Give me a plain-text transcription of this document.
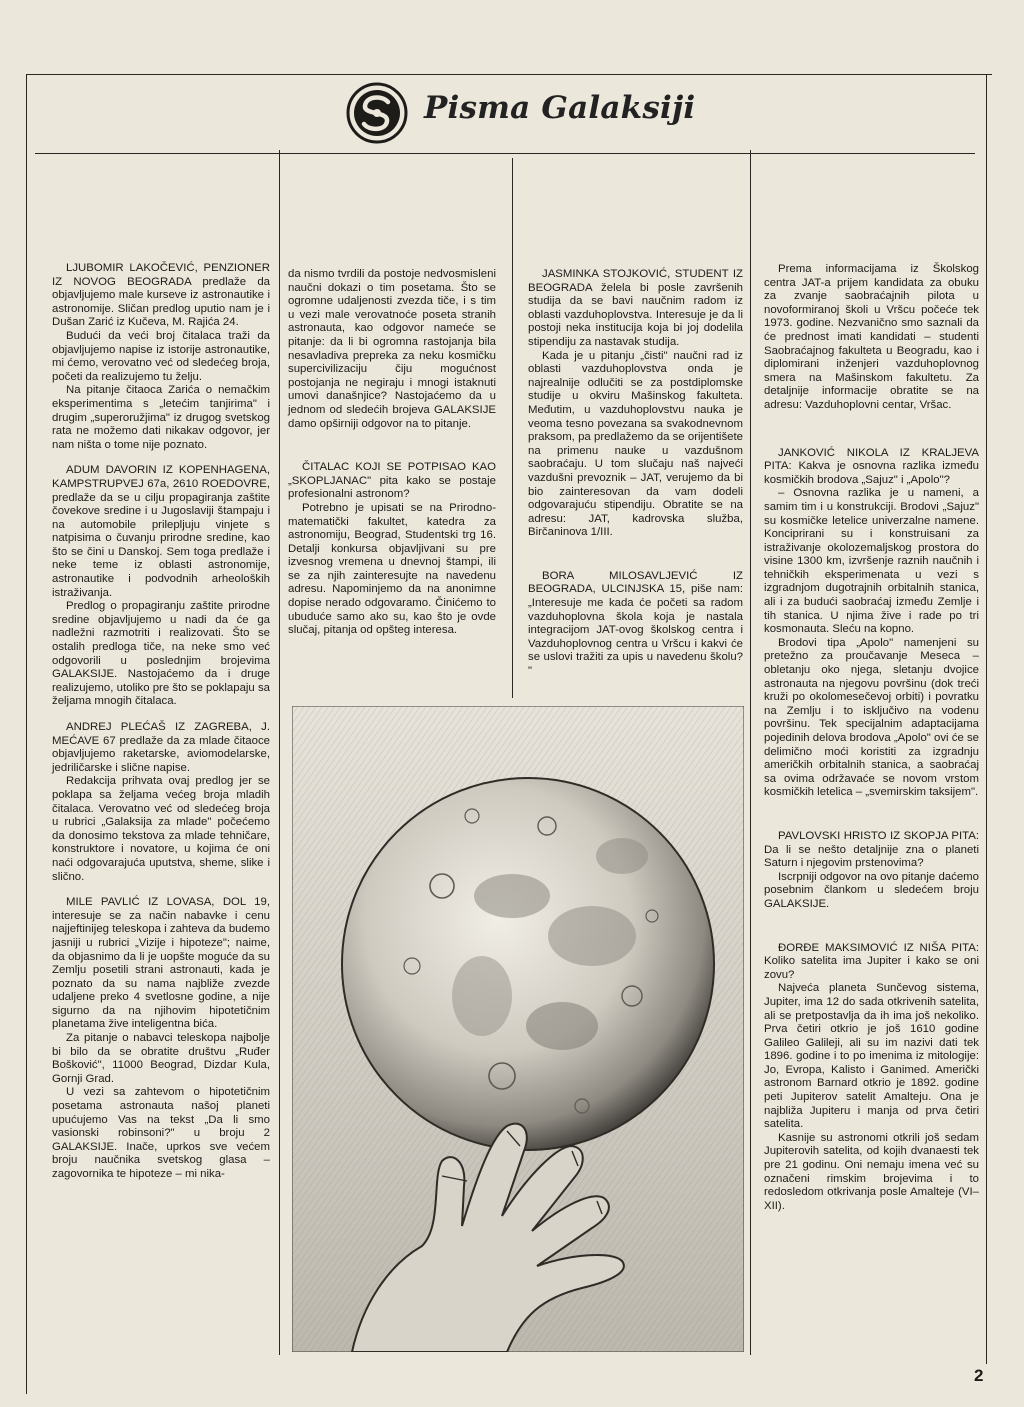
Pisma Galaksiji

LJUBOMIR LAKOČEVIĆ, PENZIONER IZ NOVOG BEOGRADA predlaže da objavljujemo male kurseve iz astronautike i astronomije. Sličan predlog uputio nam je i Dušan Zarić iz Kučeva, M. Rajića 24.

Budući da veći broj čitalaca traži da objavljujemo napise iz istorije astronautike, mi ćemo, verovatno već od sledećeg broja, početi da realizujemo tu želju.

Na pitanje čitaoca Zarića o nemačkim eksperimentima s „letećim tanjirima" i drugim „superoružjima" iz drugog svetskog rata ne možemo dati nikakav odgovor, jer nam ništa o tome nije poznato.

ADUM DAVORIN IZ KOPENHAGENA, KAMPSTRUPVEJ 67a, 2610 ROEDOVRE, predlaže da se u cilju propagiranja zaštite čovekove sredine i u Jugoslaviji štampaju i na automobile prilepljuju vinjete s natpisima o čuvanju prirodne sredine, kao što se čini u Danskoj. Sem toga predlaže i neke teme iz oblasti astronomije, astronautike i podvodnih arheoloških istraživanja.

Predlog o propagiranju zaštite prirodne sredine objavljujemo u nadi da će ga nadležni razmotriti i realizovati. Što se ostalih predloga tiče, na neke smo već odgovorili u poslednjim brojevima GALAKSIJE. Nastojaćemo da i druge realizujemo, utoliko pre što se poklapaju sa željama mnogih čitalaca.

ANDREJ PLEĆAŠ IZ ZAGREBA, J. MEĆAVE 67 predlaže da za mlade čitaoce objavljujemo raketarske, aviomodelarske, jedriličarske i slične napise.

Redakcija prihvata ovaj predlog jer se poklapa sa željama većeg broja mladih čitalaca. Verovatno već od sledećeg broja u rubrici „Galaksija za mlade" počećemo da donosimo tekstova za mlade tehničare, konstruktore i novatore, u kojima će oni naći odgovarajuća uputstva, sheme, slike i slično.

MILE PAVLIĆ IZ LOVASA, DOL 19, interesuje se za način nabavke i cenu najjeftinijeg teleskopa i zahteva da budemo jasniji u rubrici „Vizije i hipoteze"; naime, da objasnimo da li je uopšte moguće da su Zemlju posetili strani astronauti, kada je poznato da su nama najbliže zvezde udaljene preko 4 svetlosne godine, a nije sigurno da na njihovim hipotetičnim planetama žive inteligentna bića.

Za pitanje o nabavci teleskopa najbolje bi bilo da se obratite društvu „Ruđer Bošković", 11000 Beograd, Dizdar Kula, Gornji Grad.

U vezi sa zahtevom o hipotetičnim posetama astronauta našoj planeti upućujemo Vas na tekst „Da li smo vasionski robinsoni?" u broju 2 GALAKSIJE. Inače, uprkos sve većem broju naučnika svetskog glasa – zagovornika te hipoteze – mi nika-

da nismo tvrdili da postoje nedvosmisleni naučni dokazi o tim posetama. Što se ogromne udaljenosti zvezda tiče, i s tim u vezi male verovatnoće poseta stranih astronauta, kao odgovor nameće se pitanje: da li bi ogromna rastojanja bila nesavladiva prepreka za neku kosmičku supercivilizaciju čiju mogućnost postojanja ne negiraju i mnogi istaknuti umovi današnjice? Nastojaćemo da u jednom od sledećih brojeva GALAKSIJE damo opširniji odgovor na to pitanje.

ČITALAC KOJI SE POTPISAO KAO „SKOPLJANAC" pita kako se postaje profesionalni astronom?

Potrebno je upisati se na Prirodno-matematički fakultet, katedra za astronomiju, Beograd, Studentski trg 16. Detalji konkursa objavljivani su pre izvesnog vremena u dnevnoj štampi, ili se za njih zainteresujte na navedenu adresu. Napominjemo da na anonimne dopise nerado odgovaramo. Činićemo to ubuduće samo ako su, kao što je ovde slučaj, pitanja od opšteg interesa.

JASMINKA STOJKOVIĆ, STUDENT IZ BEOGRADA želela bi posle završenih studija da se bavi naučnim radom iz oblasti vazduhoplovstva. Interesuje je da li postoji neka institucija koja bi joj dodelila stipendiju za nastavak studija.

Kada je u pitanju „čisti" naučni rad iz oblasti vazduhoplovstva onda je najrealnije odlučiti se za postdiplomske studije u okviru Mašinskog fakulteta. Međutim, u vazduhoplovstvu nauka je veoma tesno povezana sa svakodnevnom praksom, pa predlažemo da se orijentišete na primenu nauke u vazdušnom saobraćaju. U tom slučaju naš najveći vazdušni prevoznik – JAT, verujemo da bi bio zainteresovan da vam dodeli odgovarajuću stipendiju. Obratite se na adresu: JAT, kadrovska služba, Birčaninova 1/III.

BORA MILOSAVLJEVIĆ IZ BEOGRADA, ULCINJSKA 15, piše nam: „Interesuje me kada će početi sa radom vazduhoplovna škola koja je nastala integracijom JAT-ovog školskog centra i Vazduhoplovnog centra u Vršcu i kakvi će se uslovi tražiti za upis u navedenu školu? "

Prema informacijama iz Školskog centra JAT-a prijem kandidata za obuku za zvanje saobraćajnih pilota u novoformiranoj školi u Vršcu počeće tek 1973. godine. Nezvanično smo saznali da će prednost imati kandidati – studenti Saobraćajnog fakulteta u Beogradu, kao i diplomirani inženjeri vazduhoplovnog smera na Mašinskom fakultetu. Za detaljnije informacije obratite se na adresu: Vazduhoplovni centar, Vršac.

JANKOVIĆ NIKOLA IZ KRALJEVA PITA: Kakva je osnovna razlika između kosmičkih brodova „Sajuz" i „Apolo"?

– Osnovna razlika je u nameni, a samim tim i u konstrukciji. Brodovi „Sajuz" su kosmičke letelice univerzalne namene. Konciprirani su i konstruisani za istraživanje okolozemaljskog prostora do visine 1300 km, izvršenje raznih naučnih i tehničkih eksperimenata u vezi s izgradnjom dugotrajnih orbitalnih stanica, ali i za budući saobraćaj između Zemlje i tih stanica. U njima žive i rade po tri kosmonauta. Sleću na kopno.

Brodovi tipa „Apolo" namenjeni su pretežno za proučavanje Meseca – obletanju oko njega, sletanju dvojice astronauta na njegovu površinu (dok treći kruži po okolomesečevoj orbiti) i povratku na Zemlju i to isključivo na vodenu površinu. Tek specijalnim adaptacijama pojedinih delova brodova „Apolo" ovi će se delimično moći koristiti za izgradnju američkih orbitalnih stanica, a saobraćaj sa ovima održavaće se novom vrstom kosmičkih letelica – „svemirskim taksijem".

PAVLOVSKI HRISTO IZ SKOPJA PITA: Da li se nešto detaljnije zna o planeti Saturn i njegovim prstenovima?

Iscrpniji odgovor na ovo pitanje dаćemo posebnim člankom u sledećem broju GALAKSIJE.

ĐORĐE MAKSIMOVIĆ IZ NIŠA PITA: Koliko satelita ima Jupiter i kako se oni zovu?

Najveća planeta Sunčevog sistema, Jupiter, ima 12 do sada otkrivenih satelita, ali se pretpostavlja da ih ima još nekoliko. Prva četiri otkrio je još 1610 godine Galileo Galileji, ali su im nazivi dati tek 1896. godine i to po imenima iz mitologije: Jo, Evropa, Kalisto i Ganimed. Američki astronom Barnard otkrio je 1892. godine peti Jupiterov satelit Amalteju. Ona je najbliža Jupiteru i manja od prva četiri satelita.

Kasnije su astronomi otkrili još sedam Jupiterovih satelita, od kojih dvanaesti tek pre 21 godinu. Oni nemaju imena već su označeni rimskim brojevima i to redosledom otkrivanja posle Amalteje (VI–XII).

2
